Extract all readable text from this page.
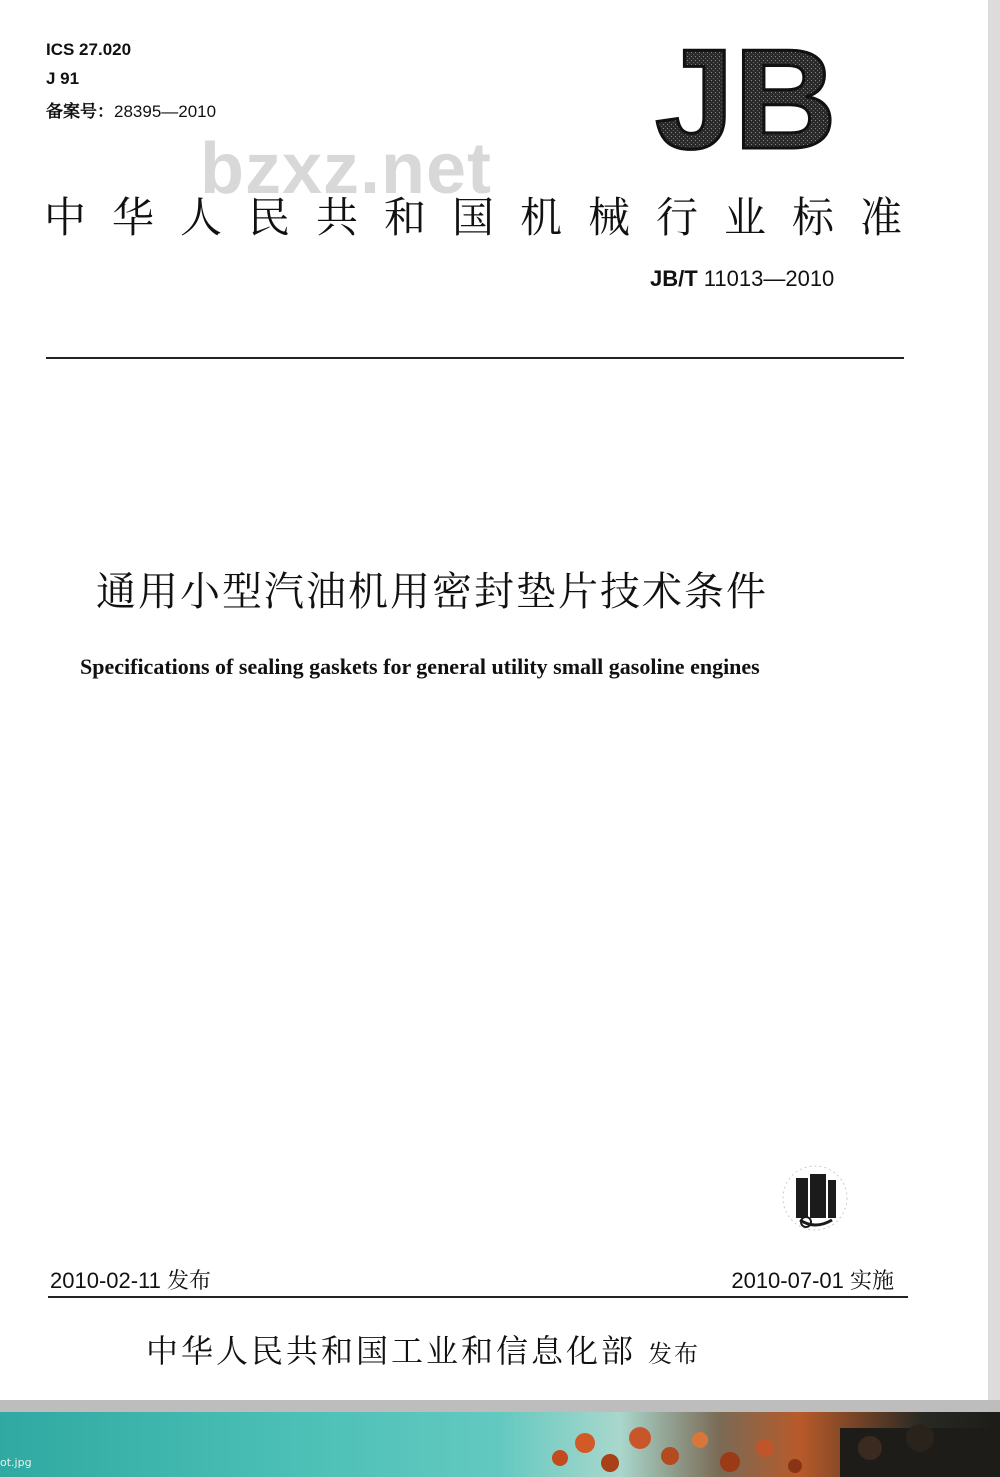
ICS 27.020
J 91
备案号：28395—2010	JB
bzxz.net
中华人民共和国机械行业标准
JB/T 11013—2010
通用小型汽油机用密封垫片技术条件
Specifications of sealing gaskets for general utility small gasoline engines
2010-02-11 发布	2010-07-01 实施
中华人民共和国工业和信息化部 发布
ot.jpg
